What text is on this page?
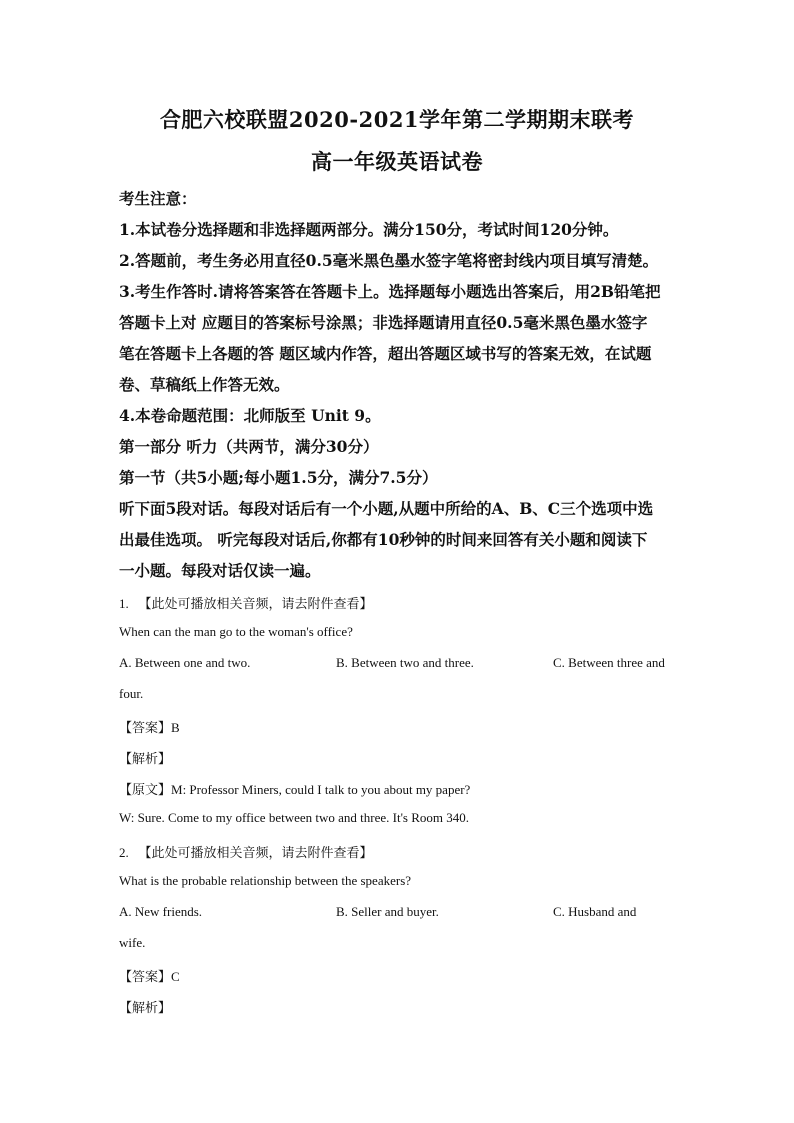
合肥六校联盟2020-2021学年第二学期期末联考
高一年级英语试卷
考生注意：
1.本试卷分选择题和非选择题两部分。满分150分，考试时间120分钟。
2.答题前，考生务必用直径0.5毫米黑色墨水签字笔将密封线内项目填写清楚。
3.考生作答时.请将答案答在答题卡上。选择题每小题选出答案后，用2B铅笔把
答题卡上对 应题目的答案标号涂黑；非选择题请用直径0.5毫米黑色墨水签字
笔在答题卡上各题的答 题区域内作答，超出答题区域书写的答案无效，在试题
卷、草稿纸上作答无效。
4.本卷命题范围：北师版至 Unit 9。
第一部分 听力（共两节，满分30分）
第一节（共5小题;每小题1.5分，满分7.5分）
听下面5段对话。每段对话后有一个小题,从题中所给的A、B、C三个选项中选
出最佳选项。 听完每段对话后,你都有10秒钟的时间来回答有关小题和阅读下
一小题。每段对话仅读一遍。
1. 【此处可播放相关音频，请去附件查看】
When can the man go to the woman's office?
A. Between one and two.	B. Between two and three.	C. Between three and
four.
【答案】B
【解析】
【原文】M: Professor Miners, could I talk to you about my paper?
W: Sure. Come to my office between two and three. It's Room 340.
2. 【此处可播放相关音频，请去附件查看】
What is the probable relationship between the speakers?
A. New friends.	B. Seller and buyer.	C. Husband and
wife.
【答案】C
【解析】
